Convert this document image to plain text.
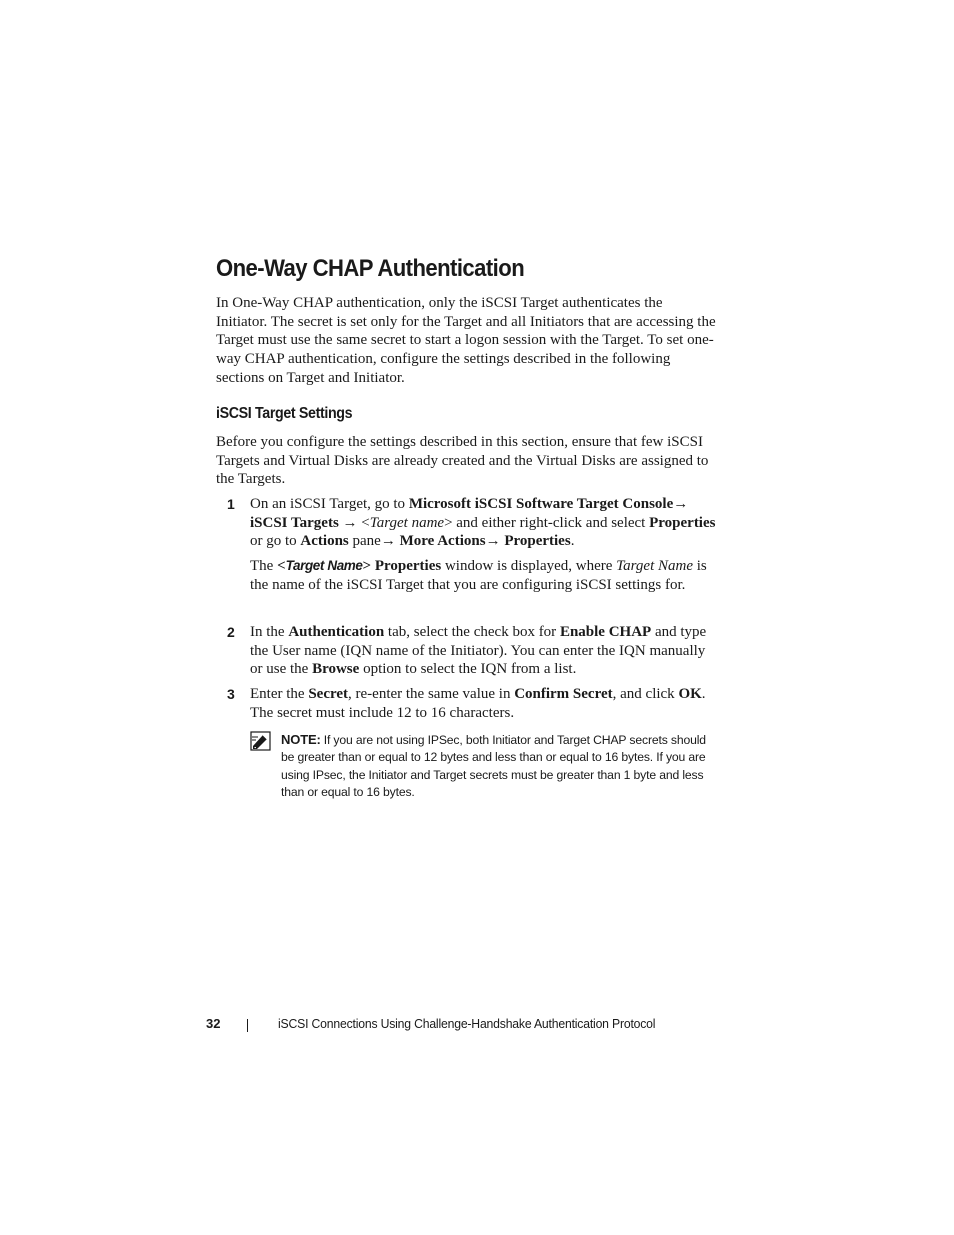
One-Way CHAP Authentication

In One-Way CHAP authentication, only the iSCSI Target authenticates the Initiator. The secret is set only for the Target and all Initiators that are accessing the Target must use the same secret to start a logon session with the Target. To set one-way CHAP authentication, configure the settings described in the following sections on Target and Initiator.

iSCSI Target Settings

Before you configure the settings described in this section, ensure that few iSCSI Targets and Virtual Disks are already created and the Virtual Disks are assigned to the Targets.

1 On an iSCSI Target, go to Microsoft iSCSI Software Target Console→ iSCSI Targets → <Target name> and either right-click and select Properties or go to Actions pane→ More Actions→ Properties.

The <Target Name> Properties window is displayed, where Target Name is the name of the iSCSI Target that you are configuring iSCSI settings for.

2 In the Authentication tab, select the check box for Enable CHAP and type the User name (IQN name of the Initiator). You can enter the IQN manually or use the Browse option to select the IQN from a list.

3 Enter the Secret, re-enter the same value in Confirm Secret, and click OK. The secret must include 12 to 16 characters.

NOTE: If you are not using IPSec, both Initiator and Target CHAP secrets should be greater than or equal to 12 bytes and less than or equal to 16 bytes. If you are using IPsec, the Initiator and Target secrets must be greater than 1 byte and less than or equal to 16 bytes.

32	iSCSI Connections Using Challenge-Handshake Authentication Protocol
